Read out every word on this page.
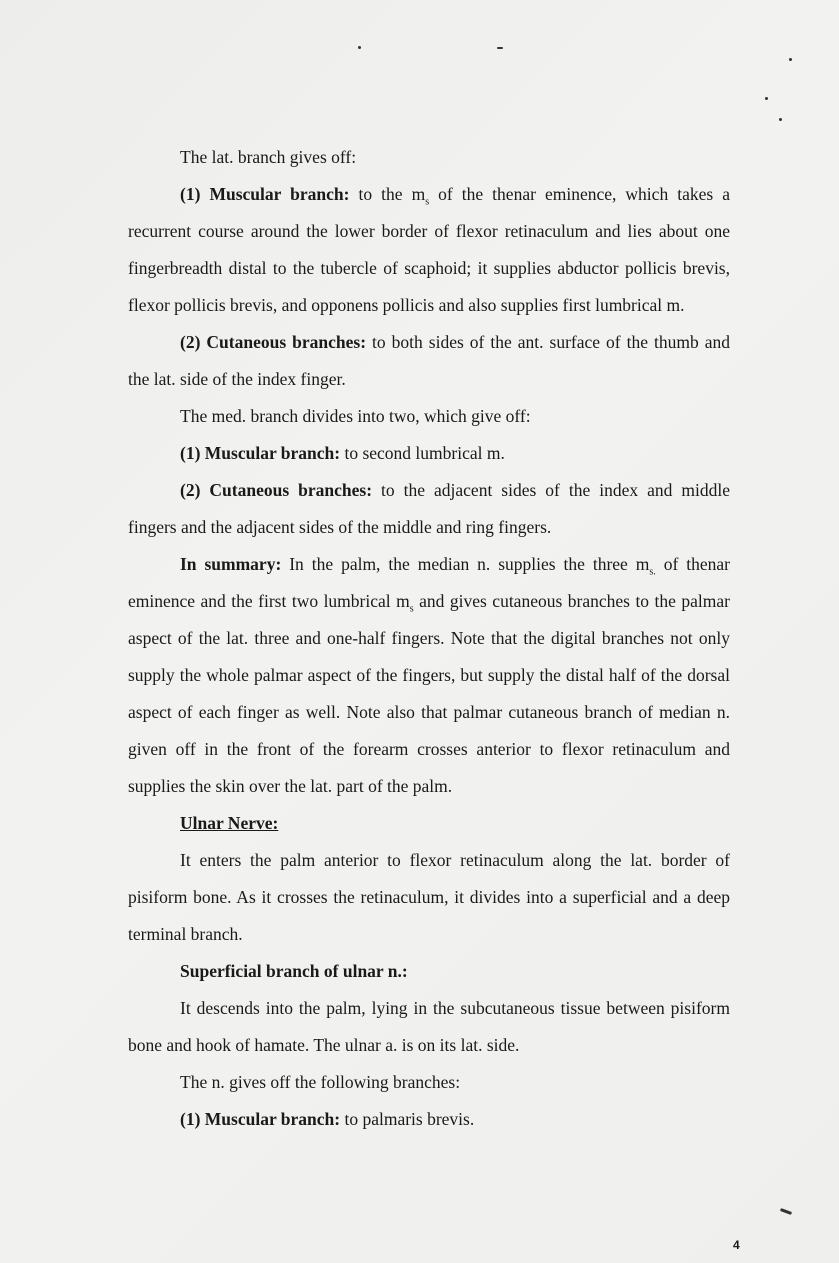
The lat. branch gives off:

(1) Muscular branch: to the $m_s$ of the thenar eminence, which takes a recurrent course around the lower border of flexor retinaculum and lies about one fingerbreadth distal to the tubercle of scaphoid; it supplies abductor pollicis brevis, flexor pollicis brevis, and opponens pollicis and also supplies first lumbrical m.

(2) Cutaneous branches: to both sides of the ant. surface of the thumb and the lat. side of the index finger.

The med. branch divides into two, which give off:

(1) Muscular branch: to second lumbrical m.

(2) Cutaneous branches: to the adjacent sides of the index and middle fingers and the adjacent sides of the middle and ring fingers.

In summary: In the palm, the median n. supplies the three $m_{s.}$ of thenar eminence and the first two lumbrical $m_s$ and gives cutaneous branches to the palmar aspect of the lat. three and one-half fingers. Note that the digital branches not only supply the whole palmar aspect of the fingers, but supply the distal half of the dorsal aspect of each finger as well. Note also that palmar cutaneous branch of median n. given off in the front of the forearm crosses anterior to flexor retinaculum and supplies the skin over the lat. part of the palm.

Ulnar Nerve:

It enters the palm anterior to flexor retinaculum along the lat. border of pisiform bone. As it crosses the retinaculum, it divides into a superficial and a deep terminal branch.

Superficial branch of ulnar n.:

It descends into the palm, lying in the subcutaneous tissue between pisiform bone and hook of hamate. The ulnar a. is on its lat. side.

The n. gives off the following branches:

(1) Muscular branch: to palmaris brevis.

4
